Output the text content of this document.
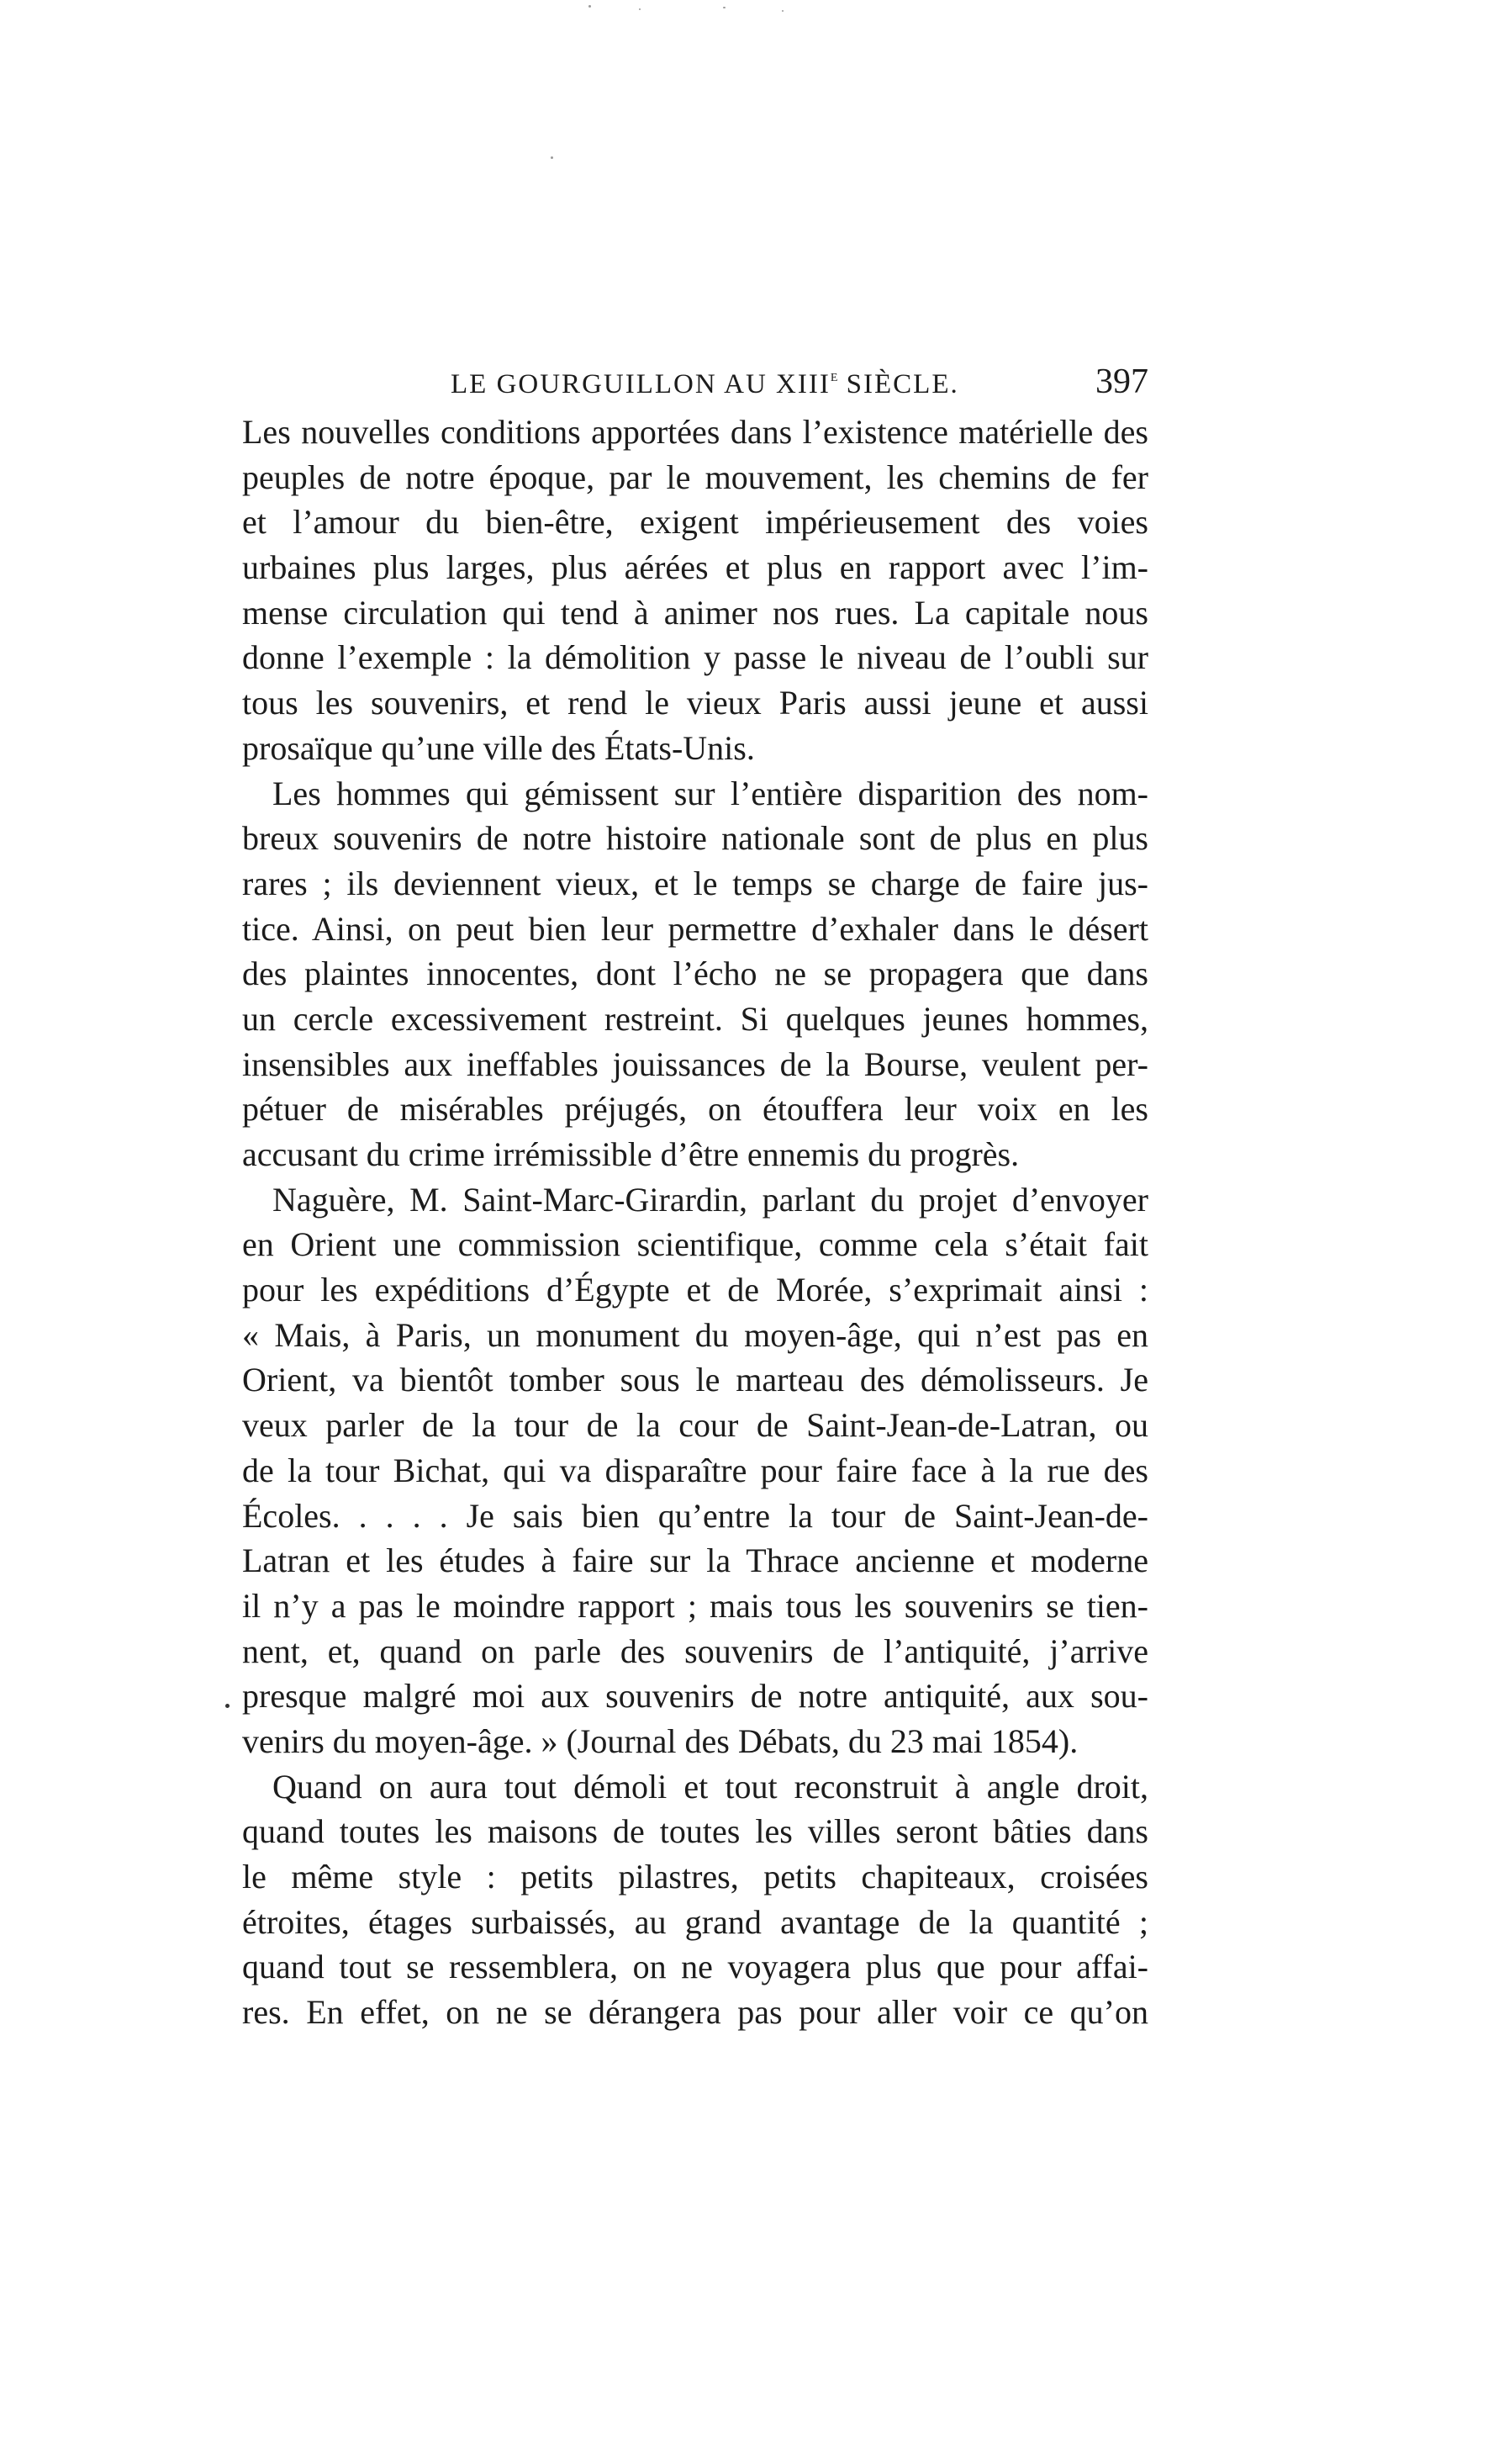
LE GOURGUILLON AU XIIIe SIÈCLE.	397
Les nouvelles conditions apportées dans l’existence matérielle des
peuples de notre époque, par le mouvement, les chemins de fer
et l’amour du bien-être, exigent impérieusement des voies
urbaines plus larges, plus aérées et plus en rapport avec l’im-
mense circulation qui tend à animer nos rues. La capitale nous
donne l’exemple : la démolition y passe le niveau de l’oubli sur
tous les souvenirs, et rend le vieux Paris aussi jeune et aussi
prosaïque qu’une ville des États-Unis.
Les hommes qui gémissent sur l’entière disparition des nom-
breux souvenirs de notre histoire nationale sont de plus en plus
rares ; ils deviennent vieux, et le temps se charge de faire jus-
tice. Ainsi, on peut bien leur permettre d’exhaler dans le désert
des plaintes innocentes, dont l’écho ne se propagera que dans
un cercle excessivement restreint. Si quelques jeunes hommes,
insensibles aux ineffables jouissances de la Bourse, veulent per-
pétuer de misérables préjugés, on étouffera leur voix en les
accusant du crime irrémissible d’être ennemis du progrès.
Naguère, M. Saint-Marc-Girardin, parlant du projet d’envoyer
en Orient une commission scientifique, comme cela s’était fait
pour les expéditions d’Égypte et de Morée, s’exprimait ainsi :
« Mais, à Paris, un monument du moyen-âge, qui n’est pas en
Orient, va bientôt tomber sous le marteau des démolisseurs. Je
veux parler de la tour de la cour de Saint-Jean-de-Latran, ou
de la tour Bichat, qui va disparaître pour faire face à la rue des
Écoles. . . . . Je sais bien qu’entre la tour de Saint-Jean-de-
Latran et les études à faire sur la Thrace ancienne et moderne
il n’y a pas le moindre rapport ; mais tous les souvenirs se tien-
nent, et, quand on parle des souvenirs de l’antiquité, j’arrive
presque malgré moi aux souvenirs de notre antiquité, aux sou-
venirs du moyen-âge. » (Journal des Débats, du 23 mai 1854).
Quand on aura tout démoli et tout reconstruit à angle droit,
quand toutes les maisons de toutes les villes seront bâties dans
le même style : petits pilastres, petits chapiteaux, croisées
étroites, étages surbaissés, au grand avantage de la quantité ;
quand tout se ressemblera, on ne voyagera plus que pour affai-
res. En effet, on ne se dérangera pas pour aller voir ce qu’on
